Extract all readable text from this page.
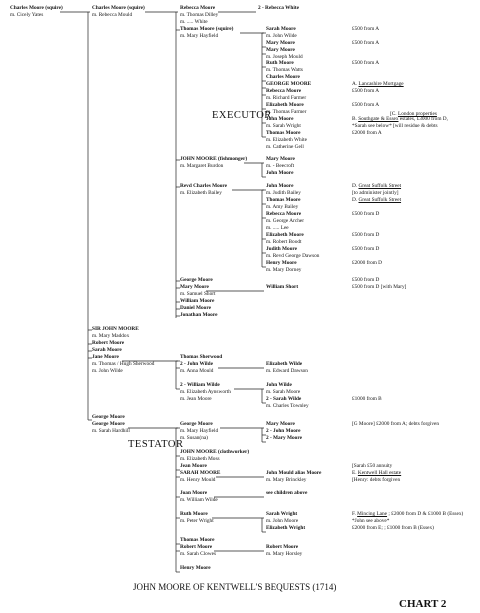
Charles Moore (squire)
m. Cicely Yates
Charles Moore (squire)
m. Rebecca Mould
Rebecca Moore	2 - Rebecca White
m. Thomas Dilley
m. ..... White
Thomas Moore (squire)
m. Mary Hayfield
Sarah Moore
m. John Wilde
Mary Moore
Mary Moore
m. Joseph Mould
Ruth Moore
m. Thomas Watts
Charles Moore
GEORGE MOORE
Rebecca Moore
m. Richard Farmer
Elizabeth Moore
m. Thomas Farmer
John Moore
m. Sarah Wright
Thomas Moore
m. Elizabeth White
m. Catherine Gell
JOHN MOORE (fishmonger)
m. Margaret Burdon
Mary Moore
m. - Beecroft
John Moore
Revd Charles Moore
m. Elizabeth Bailey
John Moore
m. Judith Bailey
Thomas Moore
m. Amy Bailey
Rebecca Moore
m. George Archer
m. ..... Lee
Elizabeth Moore
m. Robert Boodt
Judith Moore
m. Revd George Dawson
Henry Moore
m. Mary Dorney
George Moore
Mary Moore
m. Samuel Short
William Moore
Daniel Moore
Jonathan Moore
William Short
SIR JOHN MOORE
m. Mary Maddox
Robert Moore
Sarah Moore
Jane Moore
m. Thomas / Hugh Sherwood
m. John Wilde
Thomas Sherwood
2 - John Wilde
m. Anna Mould
Elizabeth Wilde
m. Edward Dawson
2 - William Wilde
m. Elizabeth Aynsworth
m. Jean Moore
John Wilde
m. Sarah Moore
2 - Sarah Wilde
m. Charles Townley
George Moore
George Moore
m. Sarah Hardhill
George Moore
m. Mary Hayfield
m. Susan(na)
Mary Moore
2 - John Moore
2 - Mary Moore
JOHN MOORE (clothworker)
m. Elizabeth Moss
Jean Moore
SARAH MOORE
m. Henry Mould
John Mould alias Moore
m. Mary Brinckley
Joan Moore
m. William Wilde
see children above
Ruth Moore
m. Peter Wright
Sarah Wright
m. John Moore
Elizabeth Wright
Thomas Moore
Robert Moore
m. Sarah Clowes
Robert Moore
m. Mary Horsley
Henry Moore
£500 from A
£500 from A
£500 from A
A. Lancashire Mortgage
£500 from A
£500 from A
[C. London properties
B. Southgate & Essex estates, £3000 from D,
*Sarah see below* [will residue & debts
£2000 from A
D. Great Suffolk Street
[to administer jointly]
D. Great Suffolk Street
£500 from D
£500 from D
£500 from D
£2000 from D
£500 from D
£500 from D [with Mary]
£1000 from B
[G Moore] £2000 from A; debts forgiven
[Sarah £50 annuity
E. Kentwell Hall estate
[Henry: debts forgiven
F. Mincing Lane ; £2000 from D & £1000 B (Essex)
*John see above*
£2000 from E; ; £1000 from B (Essex)
EXECUTOR
TESTATOR
JOHN MOORE OF KENTWELL'S BEQUESTS (1714)
CHART 2
